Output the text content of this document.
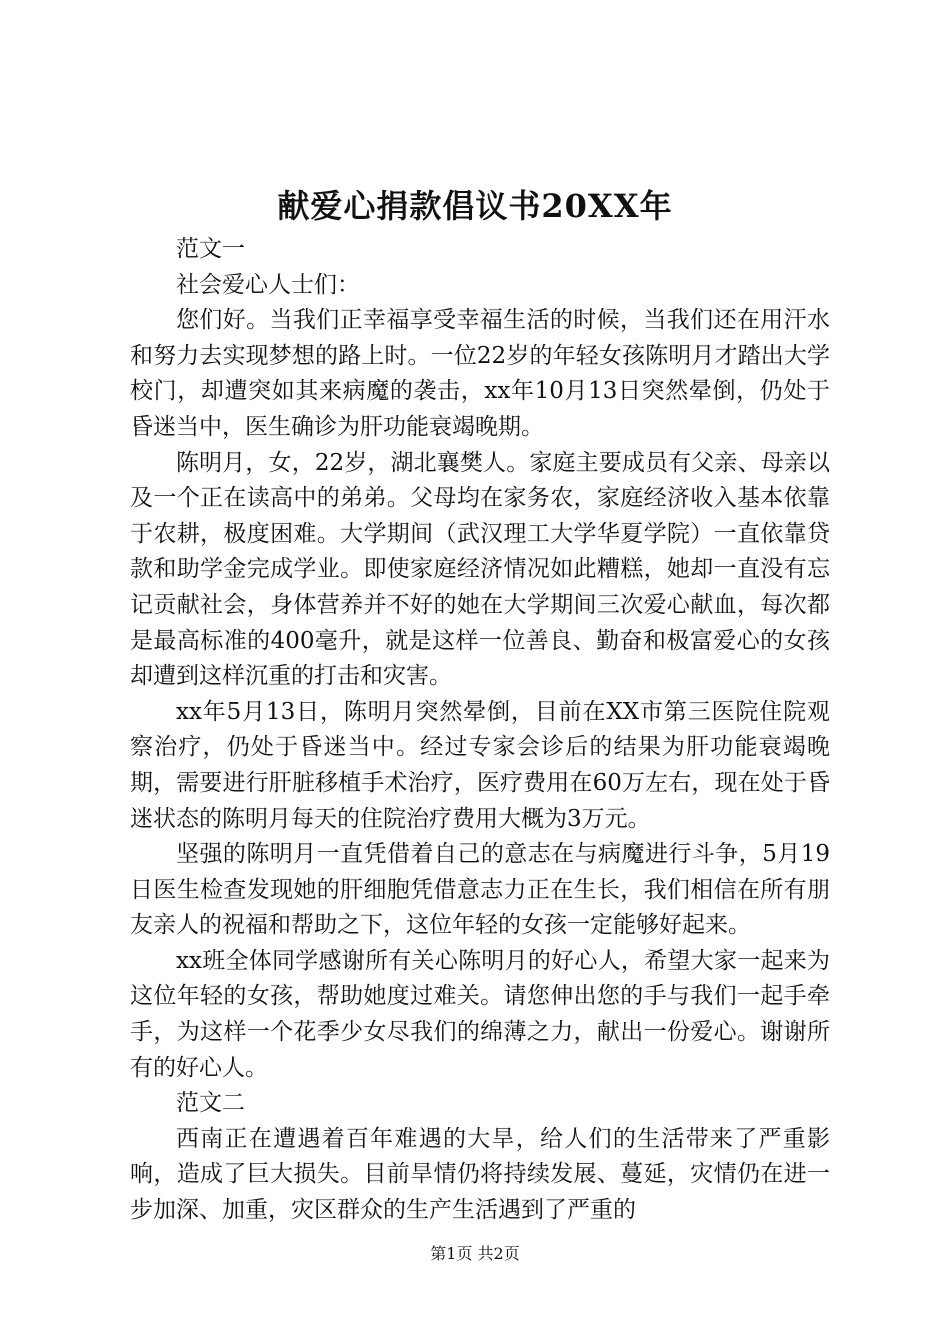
献爱心捐款倡议书20XX年

范文一

社会爱心人士们：

您们好。当我们正幸福享受幸福生活的时候，当我们还在用汗水和努力去实现梦想的路上时。一位22岁的年轻女孩陈明月才踏出大学校门，却遭突如其来病魔的袭击，xx年10月13日突然晕倒，仍处于昏迷当中，医生确诊为肝功能衰竭晚期。

陈明月，女，22岁，湖北襄樊人。家庭主要成员有父亲、母亲以及一个正在读高中的弟弟。父母均在家务农，家庭经济收入基本依靠于农耕，极度困难。大学期间（武汉理工大学华夏学院）一直依靠贷款和助学金完成学业。即使家庭经济情况如此糟糕，她却一直没有忘记贡献社会，身体营养并不好的她在大学期间三次爱心献血，每次都是最高标准的400毫升，就是这样一位善良、勤奋和极富爱心的女孩却遭到这样沉重的打击和灾害。

xx年5月13日，陈明月突然晕倒，目前在XX市第三医院住院观察治疗，仍处于昏迷当中。经过专家会诊后的结果为肝功能衰竭晚期，需要进行肝脏移植手术治疗，医疗费用在60万左右，现在处于昏迷状态的陈明月每天的住院治疗费用大概为3万元。

坚强的陈明月一直凭借着自己的意志在与病魔进行斗争，5月19日医生检查发现她的肝细胞凭借意志力正在生长，我们相信在所有朋友亲人的祝福和帮助之下，这位年轻的女孩一定能够好起来。

xx班全体同学感谢所有关心陈明月的好心人，希望大家一起来为这位年轻的女孩，帮助她度过难关。请您伸出您的手与我们一起手牵手，为这样一个花季少女尽我们的绵薄之力，献出一份爱心。谢谢所有的好心人。

范文二

西南正在遭遇着百年难遇的大旱，给人们的生活带来了严重影响，造成了巨大损失。目前旱情仍将持续发展、蔓延，灾情仍在进一步加深、加重，灾区群众的生产生活遇到了严重的

第1页 共2页
